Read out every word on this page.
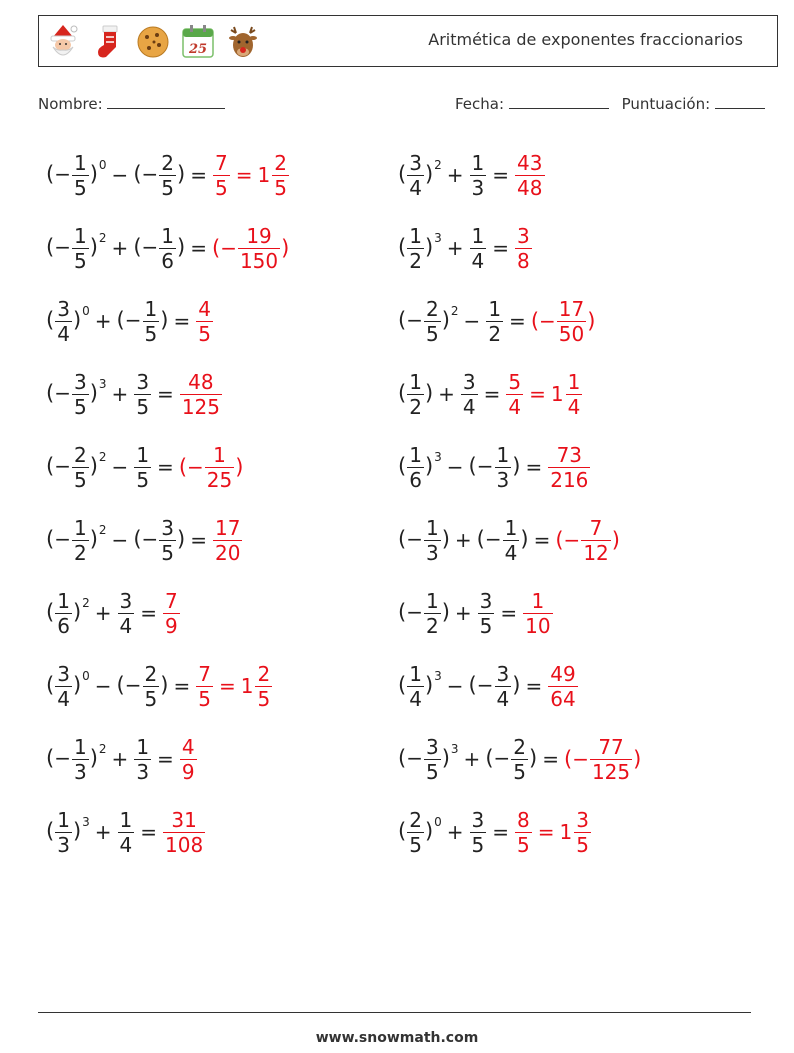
25
Aritmética de exponentes fraccionarios
Nombre:	Fecha:	Puntuación:
(− $\frac{1}{5} )^0$ − (− $\frac{2}{5}$ ) = $\frac{7}{5} = 1 \frac{2}{5}$	( $\frac{3}{4} )^2 + \frac{1}{3} = \frac{43}{48}$
(− $\frac{1}{5} )^2$ + (− $\frac{1}{6}$ ) = ( − $\frac{19}{150}$ )	( $\frac{1}{2} )^3 + \frac{1}{4} = \frac{3}{8}$
( $\frac{3}{4} )^0$ + (− $\frac{1}{5}$ ) = $\frac{4}{5}$	(− $\frac{2}{5} )^2 - \frac{1}{2}$ = ( − $\frac{17}{50}$ )
(− $\frac{3}{5} )^3 + \frac{3}{5} = \frac{48}{125}$	( $\frac{1}{2}$ ) + $\frac{3}{4} = \frac{5}{4} = 1 \frac{1}{4}$
(− $\frac{2}{5} )^2 - \frac{1}{5}$ = ( − $\frac{1}{25}$ )	( $\frac{1}{6} )^3$ − (− $\frac{1}{3}$ ) = $\frac{73}{216}$
(− $\frac{1}{2} )^2$ − (− $\frac{3}{5}$ ) = $\frac{17}{20}$	(− $\frac{1}{3}$ ) + (− $\frac{1}{4}$ ) = ( − $\frac{7}{12}$ )
( $\frac{1}{6} )^2 + \frac{3}{4} = \frac{7}{9}$	(− $\frac{1}{2}$ ) + $\frac{3}{5} = \frac{1}{10}$
( $\frac{3}{4} )^0$ − (− $\frac{2}{5}$ ) = $\frac{7}{5} = 1 \frac{2}{5}$	( $\frac{1}{4} )^3$ − (− $\frac{3}{4}$ ) = $\frac{49}{64}$
(− $\frac{1}{3} )^2 + \frac{1}{3} = \frac{4}{9}$	(− $\frac{3}{5} )^3$ + (− $\frac{2}{5}$ ) = ( − $\frac{77}{125}$ )
( $\frac{1}{3} )^3 + \frac{1}{4} = \frac{31}{108}$	( $\frac{2}{5} )^0 + \frac{3}{5} = \frac{8}{5} = 1 \frac{3}{5}$
www.snowmath.com
